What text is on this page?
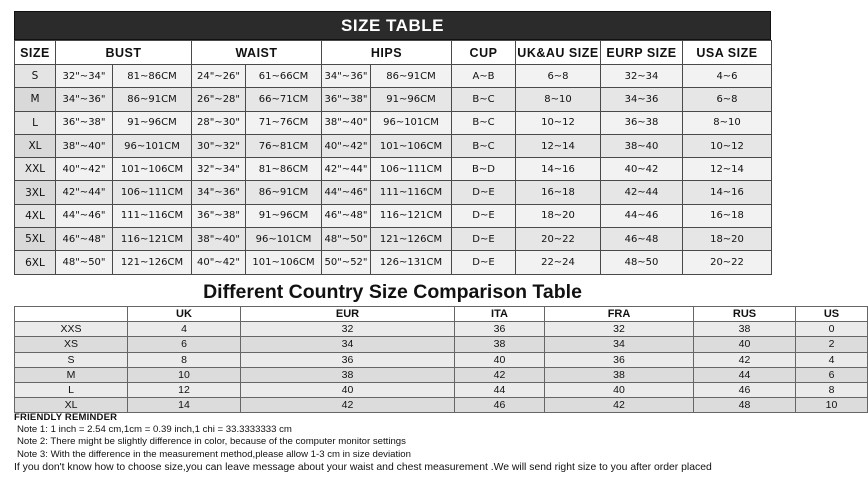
SIZE TABLE
SIZE	BUST		WAIST		HIPS		CUP	UK&AU SIZE	EURP SIZE	USA SIZE
S	32"~34"	81~86CM	24"~26"	61~66CM	34"~36"	86~91CM	A~B	6~8	32~34	4~6
M	34"~36"	86~91CM	26"~28"	66~71CM	36"~38"	91~96CM	B~C	8~10	34~36	6~8
L	36"~38"	91~96CM	28"~30"	71~76CM	38"~40"	96~101CM	B~C	10~12	36~38	8~10
XL	38"~40"	96~101CM	30"~32"	76~81CM	40"~42"	101~106CM	B~C	12~14	38~40	10~12
XXL	40"~42"	101~106CM	32"~34"	81~86CM	42"~44"	106~111CM	B~D	14~16	40~42	12~14
3XL	42"~44"	106~111CM	34"~36"	86~91CM	44"~46"	111~116CM	D~E	16~18	42~44	14~16
4XL	44"~46"	111~116CM	36"~38"	91~96CM	46"~48"	116~121CM	D~E	18~20	44~46	16~18
5XL	46"~48"	116~121CM	38"~40"	96~101CM	48"~50"	121~126CM	D~E	20~22	46~48	18~20
6XL	48"~50"	121~126CM	40"~42"	101~106CM	50"~52"	126~131CM	D~E	22~24	48~50	20~22
Different Country Size Comparison Table
	UK	EUR	ITA	FRA	RUS	US
XXS	4	32	36	32	38	0
XS	6	34	38	34	40	2
S	8	36	40	36	42	4
M	10	38	42	38	44	6
L	12	40	44	40	46	8
XL	14	42	46	42	48	10
FRIENDLY REMINDER
Note 1: 1 inch = 2.54 cm,1cm = 0.39 inch,1 chi = 33.3333333 cm
Note 2: There might be slightly difference in color, because of the computer monitor settings
Note 3: With the difference in the measurement method,please allow 1-3 cm in size deviation
If you don't know how to choose size,you can leave message about your waist and chest measurement .We will send right size to you after order placed
